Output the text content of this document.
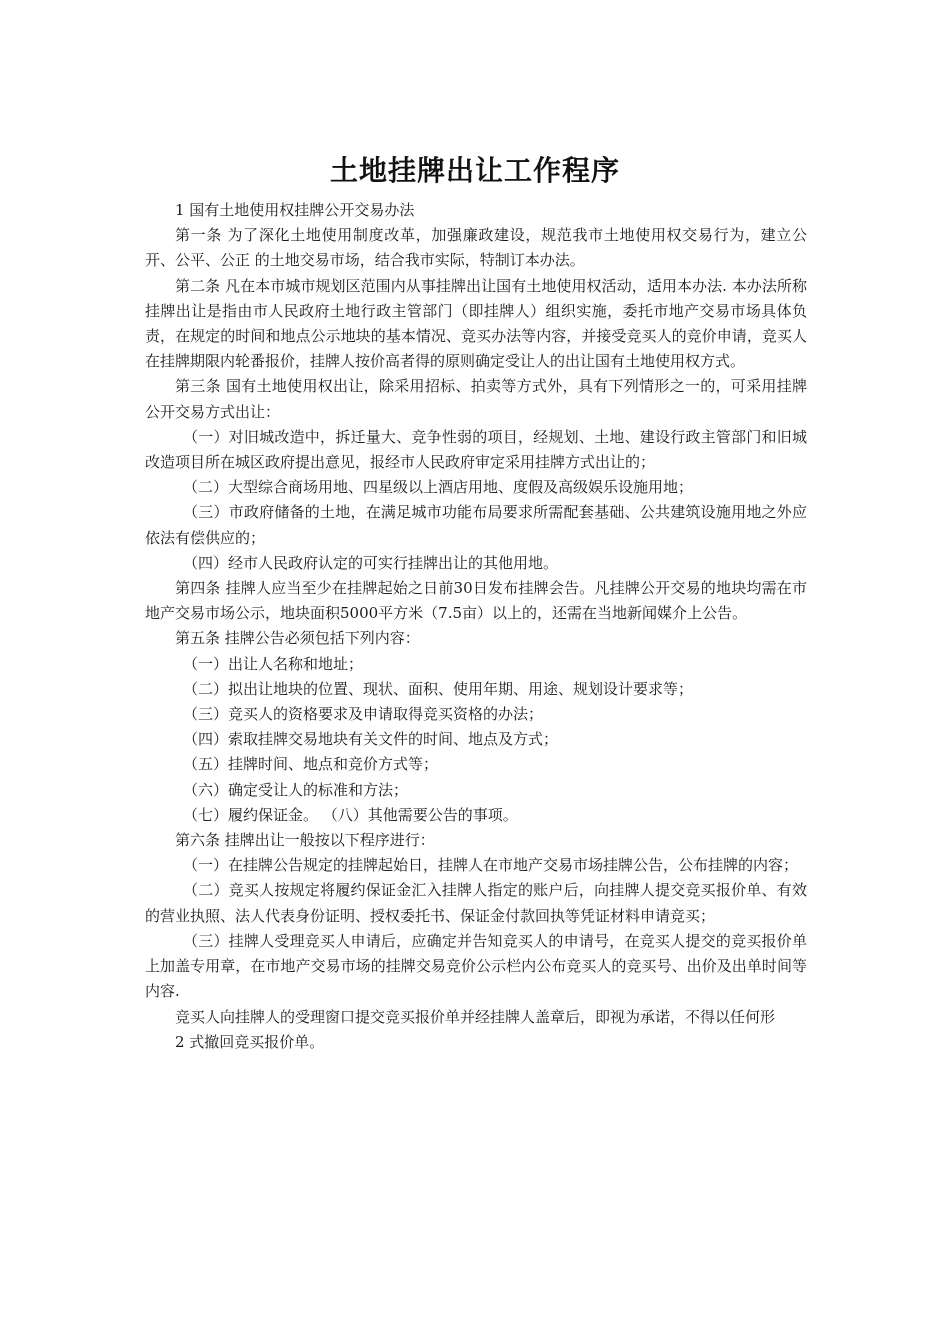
土地挂牌出让工作程序

1 国有土地使用权挂牌公开交易办法

第一条 为了深化土地使用制度改革，加强廉政建设，规范我市土地使用权交易行为，建立公开、公平、公正 的土地交易市场，结合我市实际，特制订本办法。

第二条 凡在本市城市规划区范围内从事挂牌出让国有土地使用权活动，适用本办法. 本办法所称挂牌出让是指由市人民政府土地行政主管部门（即挂牌人）组织实施，委托市地产交易市场具体负责，在规定的时间和地点公示地块的基本情况、竞买办法等内容，并接受竞买人的竞价申请，竞买人在挂牌期限内轮番报价，挂牌人按价高者得的原则确定受让人的出让国有土地使用权方式。

第三条 国有土地使用权出让，除采用招标、拍卖等方式外，具有下列情形之一的，可采用挂牌公开交易方式出让：

（一）对旧城改造中，拆迁量大、竞争性弱的项目，经规划、土地、建设行政主管部门和旧城改造项目所在城区政府提出意见，报经市人民政府审定采用挂牌方式出让的；

（二）大型综合商场用地、四星级以上酒店用地、度假及高级娱乐设施用地；

（三）市政府储备的土地，在满足城市功能布局要求所需配套基础、公共建筑设施用地之外应依法有偿供应的；

（四）经市人民政府认定的可实行挂牌出让的其他用地。

第四条 挂牌人应当至少在挂牌起始之日前30日发布挂牌会告。凡挂牌公开交易的地块均需在市地产交易市场公示，地块面积5000平方米（7.5亩）以上的，还需在当地新闻媒介上公告。

第五条 挂牌公告必须包括下列内容：

（一）出让人名称和地址；

（二）拟出让地块的位置、现状、面积、使用年期、用途、规划设计要求等；

（三）竞买人的资格要求及申请取得竞买资格的办法；

（四）索取挂牌交易地块有关文件的时间、地点及方式；

（五）挂牌时间、地点和竞价方式等；

（六）确定受让人的标准和方法；

（七）履约保证金。 （八）其他需要公告的事项。

第六条 挂牌出让一般按以下程序进行：

（一）在挂牌公告规定的挂牌起始日，挂牌人在市地产交易市场挂牌公告，公布挂牌的内容；

（二）竞买人按规定将履约保证金汇入挂牌人指定的账户后，向挂牌人提交竞买报价单、有效的营业执照、法人代表身份证明、授权委托书、保证金付款回执等凭证材料申请竞买；

（三）挂牌人受理竞买人申请后，应确定并告知竞买人的申请号，在竞买人提交的竞买报价单上加盖专用章，在市地产交易市场的挂牌交易竞价公示栏内公布竞买人的竞买号、出价及出单时间等内容.

竞买人向挂牌人的受理窗口提交竞买报价单并经挂牌人盖章后，即视为承诺，不得以任何形

2 式撤回竞买报价单。
